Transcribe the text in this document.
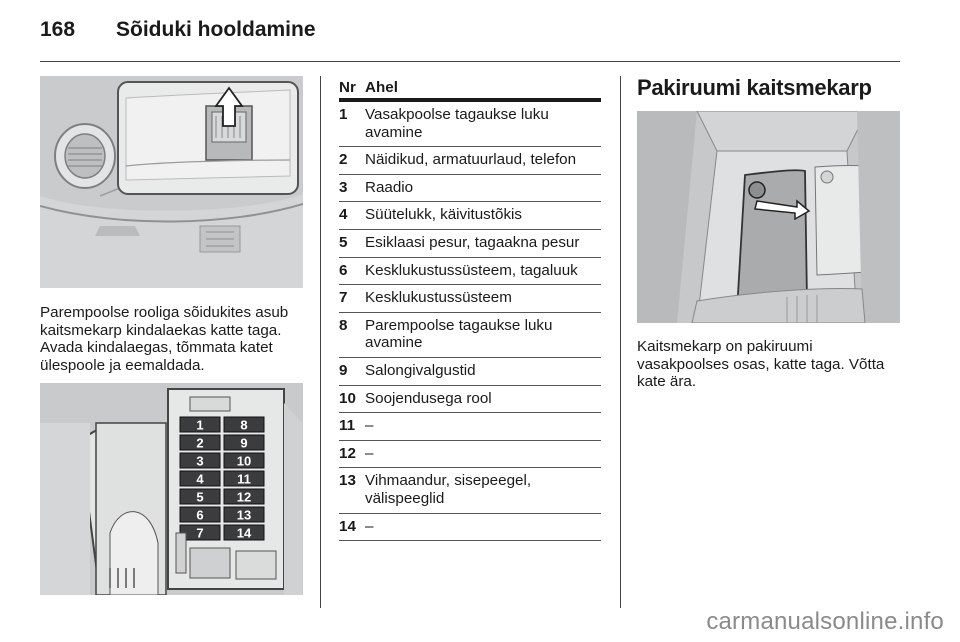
168	Sõiduki hooldamine

Parempoolse rooliga sõidukites asub kaitsmekarp kindalaekas katte taga. Avada kindalaegas, tõmmata katet ülespoole ja eemaldada.

1	8
2	9
3	10
4	11
5	12
6	13
7	14
Nr	Ahel
1	Vasakpoolse tagaukse luku avamine
2	Näidikud, armatuurlaud, telefon
3	Raadio
4	Süütelukk, käivitustõkis
5	Esiklaasi pesur, tagaakna pesur
6	Kesklukustussüsteem, tagaluuk
7	Kesklukustussüsteem
8	Parempoolse tagaukse luku avamine
9	Salongivalgustid
10	Soojendusega rool
11	–
12	–
13	Vihmaandur, sisepeegel, välispeeglid
14	–
Pakiruumi kaitsmekarp

Kaitsmekarp on pakiruumi vasakpoolses osas, katte taga. Võtta kate ära.

carmanualsonline.info
